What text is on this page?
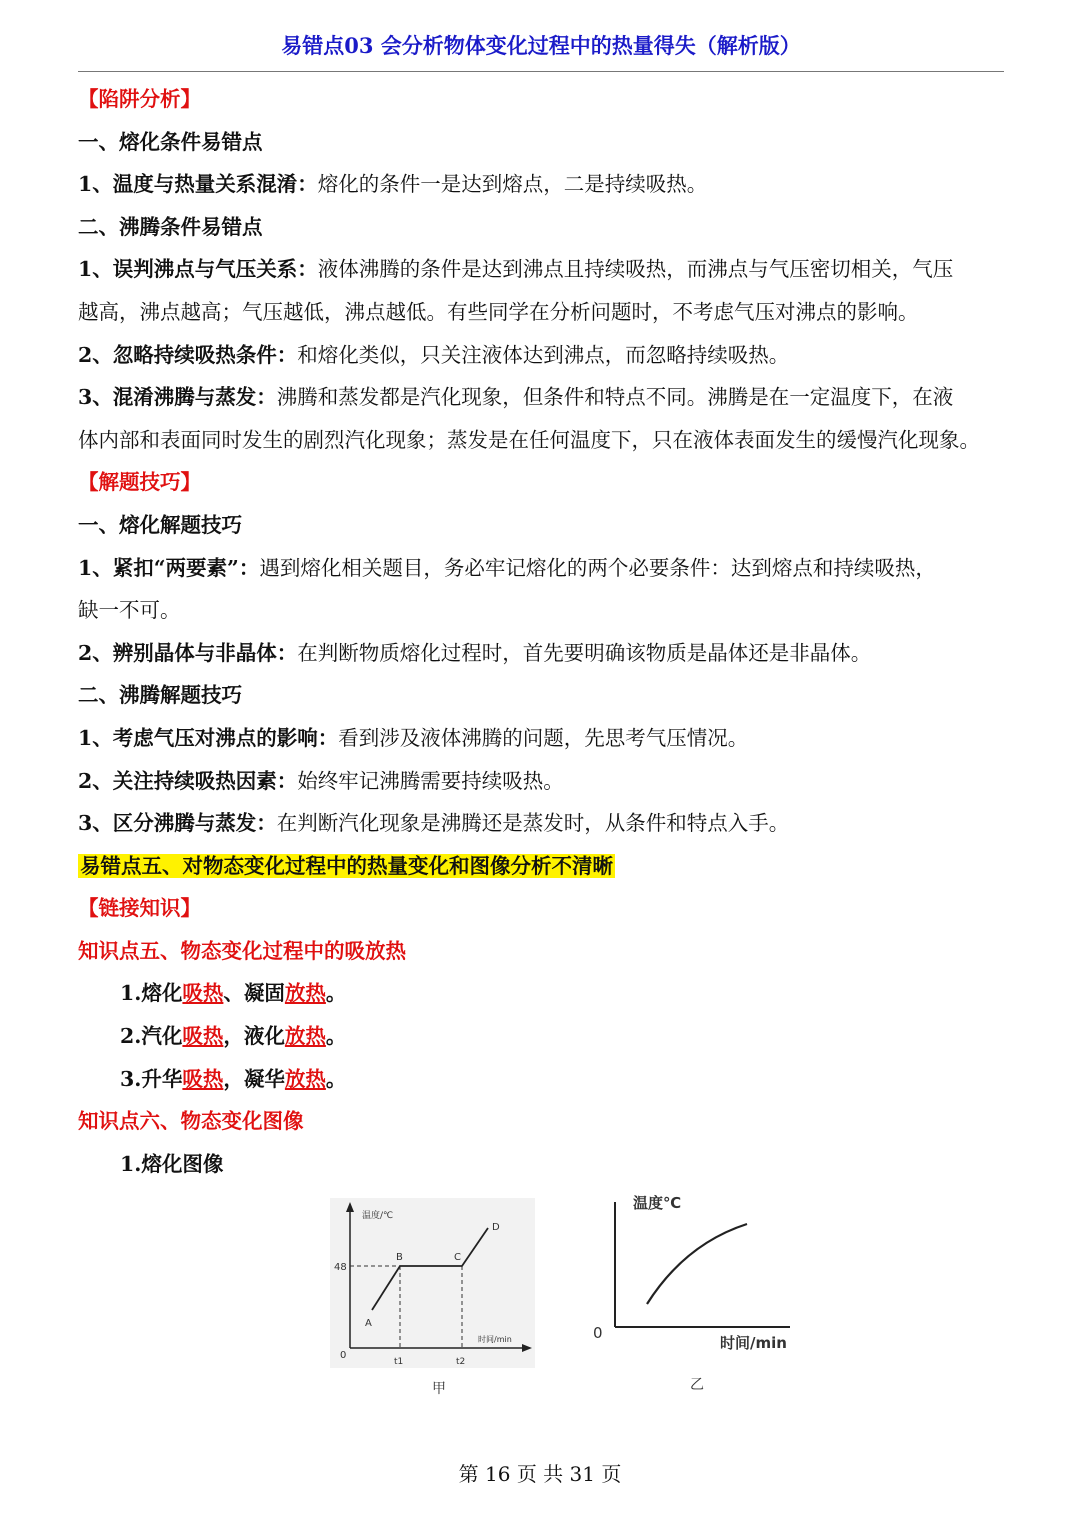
易错点03 会分析物体变化过程中的热量得失（解析版）
【陷阱分析】
一、熔化条件易错点
1、温度与热量关系混淆：熔化的条件一是达到熔点，二是持续吸热。
二、沸腾条件易错点
1、误判沸点与气压关系：液体沸腾的条件是达到沸点且持续吸热，而沸点与气压密切相关，气压
越高，沸点越高；气压越低，沸点越低。有些同学在分析问题时，不考虑气压对沸点的影响。
2、忽略持续吸热条件：和熔化类似，只关注液体达到沸点，而忽略持续吸热。
3、混淆沸腾与蒸发：沸腾和蒸发都是汽化现象，但条件和特点不同。沸腾是在一定温度下，在液
体内部和表面同时发生的剧烈汽化现象；蒸发是在任何温度下，只在液体表面发生的缓慢汽化现象。
【解题技巧】
一、熔化解题技巧
1、紧扣“两要素”：遇到熔化相关题目，务必牢记熔化的两个必要条件：达到熔点和持续吸热，
缺一不可。
2、辨别晶体与非晶体：在判断物质熔化过程时，首先要明确该物质是晶体还是非晶体。
二、沸腾解题技巧
1、考虑气压对沸点的影响：看到涉及液体沸腾的问题，先思考气压情况。
2、关注持续吸热因素：始终牢记沸腾需要持续吸热。
3、区分沸腾与蒸发：在判断汽化现象是沸腾还是蒸发时，从条件和特点入手。
易错点五、对物态变化过程中的热量变化和图像分析不清晰
【链接知识】
知识点五、物态变化过程中的吸放热
1.熔化吸热、凝固放热。
2.汽化吸热，液化放热。
3.升华吸热，凝华放热。
知识点六、物态变化图像
1.熔化图像
温度/℃
时间/min
48
0
t1	t2
A
B	C
D
甲
温度℃
时间/min
0
乙
第 16 页 共 31 页
